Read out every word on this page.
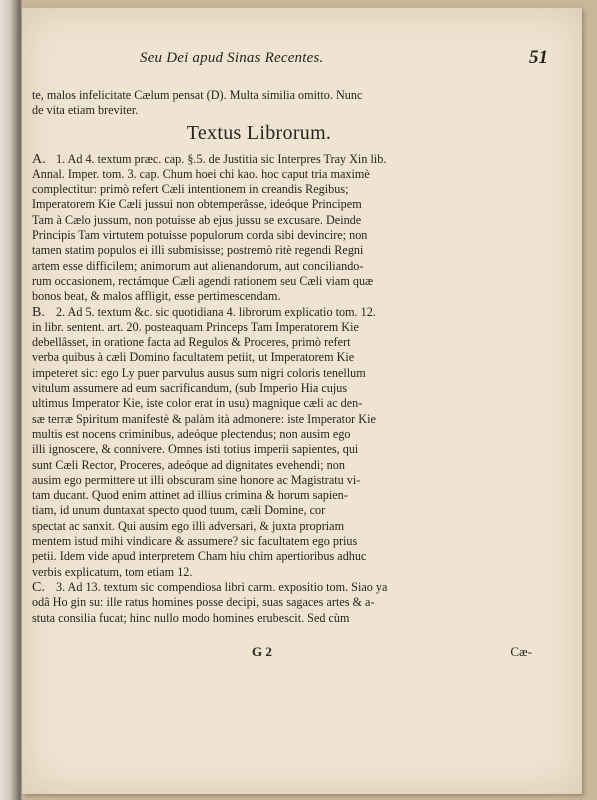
Seu Dei apud Sinas Recentes.	51
te, malos infelicitate Cælum pensat (D). Multa similia omitto. Nunc
de vita etiam breviter.
Textus Librorum.
A. 1. Ad 4. textum præc. cap. §.5. de Justitia sic Interpres Tray Xin lib.
Annal. Imper. tom. 3. cap. Chum hoei chi kao. hoc caput tria maximè
complectitur: primò refert Cæli intentionem in creandis Regibus;
Imperatorem Kie Cæli jussui non obtemperâsse, ideóque Principem
Tam à Cælo jussum, non potuisse ab ejus jussu se excusare. Deinde
Principis Tam virtutem potuisse populorum corda sibi devincire; non
tamen statim populos ei illi submisisse; postremò ritè regendi Regni
artem esse difficilem; animorum aut alienandorum, aut conciliando-
rum occasionem, rectámque Cæli agendi rationem seu Cæli viam quæ
bonos beat, & malos affligit, esse pertimescendam.
B. 2. Ad 5. textum &c. sic quotidiana 4. librorum explicatio tom. 12.
in libr. sentent. art. 20. posteaquam Princeps Tam Imperatorem Kie
debellâsset, in oratione facta ad Regulos & Proceres, primò refert
verba quibus à cæli Domino facultatem petiit, ut Imperatorem Kie
impeteret sic: ego Ly puer parvulus ausus sum nigri coloris tenellum
vitulum assumere ad eum sacrificandum, (sub Imperio Hia cujus
ultimus Imperator Kie, iste color erat in usu) magnique cæli ac den-
sæ terræ Spiritum manifestè & palàm ità admonere: iste Imperator Kie
multis est nocens criminibus, adeóque plectendus; non ausim ego
illi ignoscere, & connivere. Omnes isti totius imperii sapientes, qui
sunt Cæli Rector, Proceres, adeóque ad dignitates evehendi; non
ausim ego permittere ut illi obscuram sine honore ac Magistratu vi-
tam ducant. Quod enim attinet ad illius crimina & horum sapien-
tiam, id unum duntaxat specto quod tuum, cæli Domine, cor
spectat ac sanxit. Qui ausim ego illi adversari, & juxta propriam
mentem istud mihi vindicare & assumere? sic facultatem ego prius
petii. Idem vide apud interpretem Cham hiu chim apertioribus adhuc
verbis explicatum, tom etiam 12.
C. 3. Ad 13. textum sic compendiosa libri carm. expositio tom. Siao ya
odâ Ho gin su: ille ratus homines posse decipi, suas sagaces artes & a-
stuta consilia fucat; hinc nullo modo homines erubescit. Sed cùm
G 2	Cæ-
